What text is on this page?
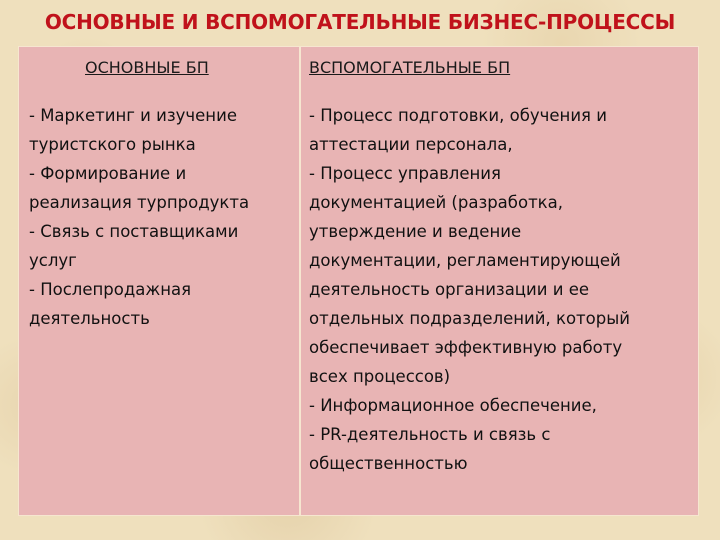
ОСНОВНЫЕ И ВСПОМОГАТЕЛЬНЫЕ БИЗНЕС-ПРОЦЕССЫ
ОСНОВНЫЕ БП
- Маркетинг и изучение
туристского рынка
- Формирование и
реализация турпродукта
- Связь с поставщиками
услуг
- Послепродажная
деятельность
ВСПОМОГАТЕЛЬНЫЕ БП
- Процесс подготовки, обучения и
аттестации персонала,
- Процесс управления
документацией (разработка,
утверждение и ведение
документации, регламентирующей
деятельность организации и ее
отдельных подразделений, который
обеспечивает эффективную работу
всех процессов)
- Информационное обеспечение,
- PR-деятельность и связь с
общественностью
